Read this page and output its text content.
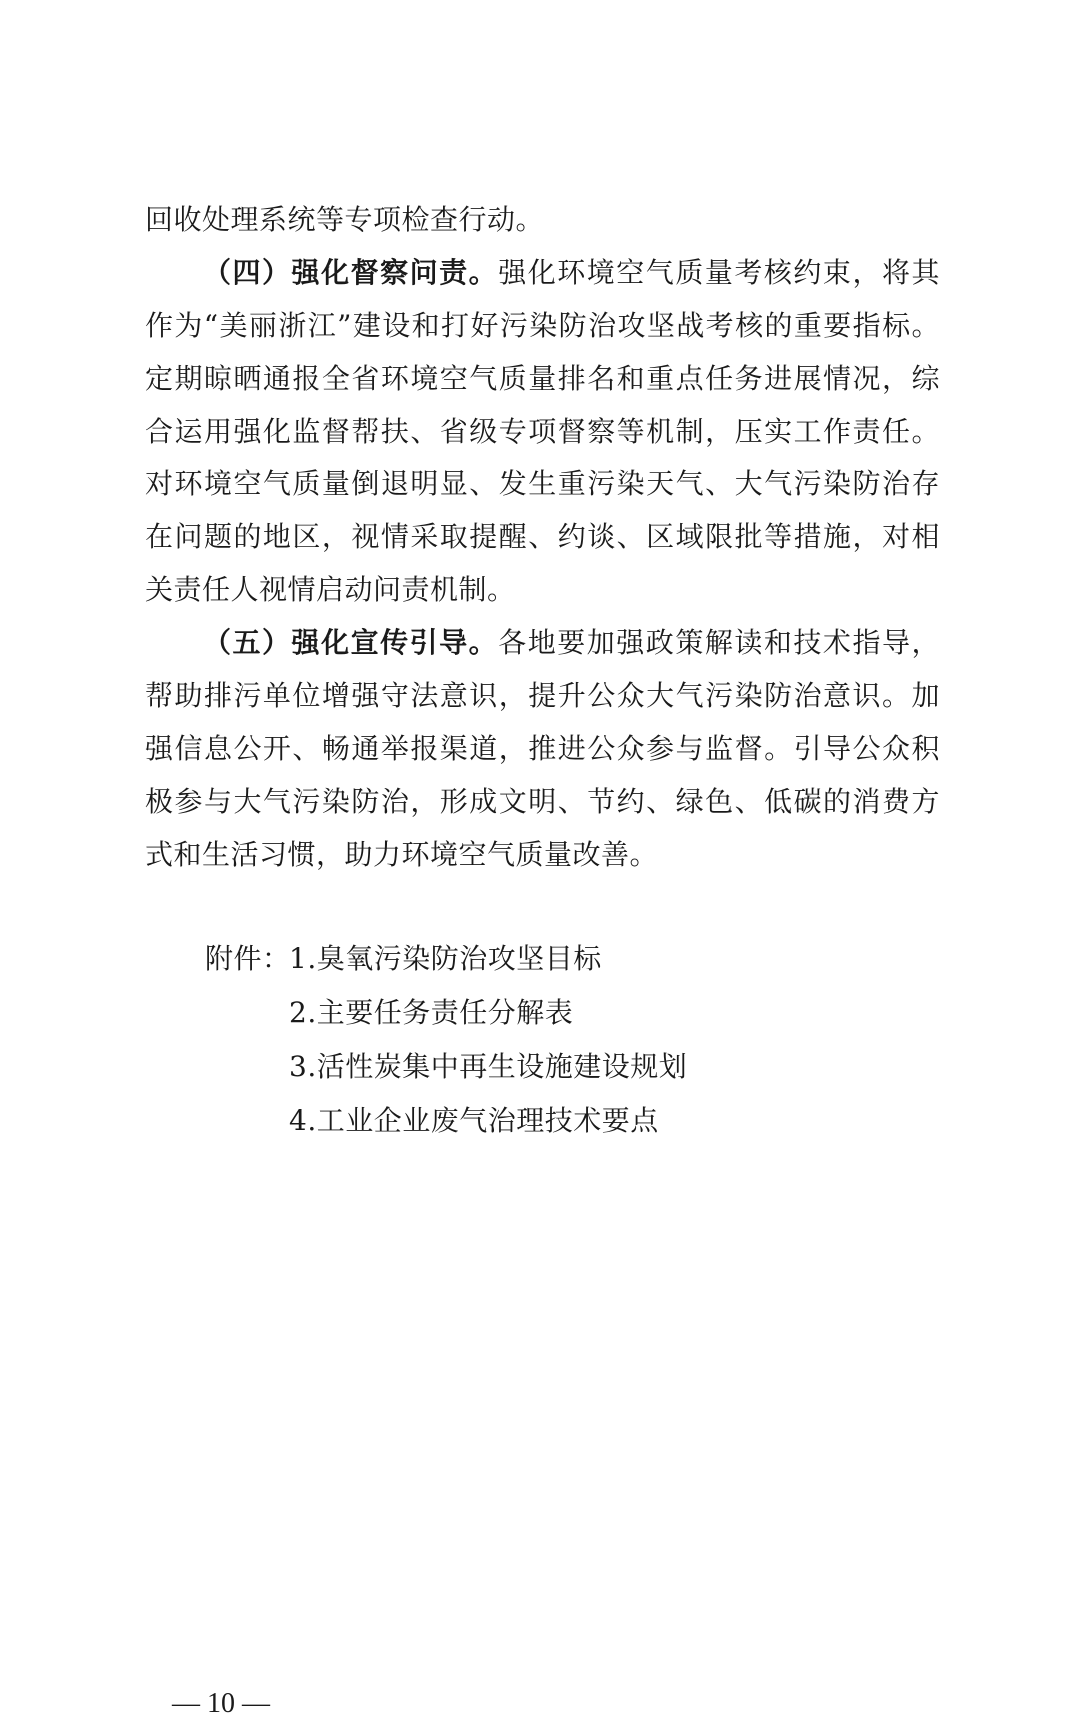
回收处理系统等专项检查行动。
（四）强化督察问责。强化环境空气质量考核约束，将其
作为“美丽浙江”建设和打好污染防治攻坚战考核的重要指标。
定期晾晒通报全省环境空气质量排名和重点任务进展情况，综
合运用强化监督帮扶、省级专项督察等机制，压实工作责任。
对环境空气质量倒退明显、发生重污染天气、大气污染防治存
在问题的地区，视情采取提醒、约谈、区域限批等措施，对相
关责任人视情启动问责机制。
（五）强化宣传引导。各地要加强政策解读和技术指导，
帮助排污单位增强守法意识，提升公众大气污染防治意识。加
强信息公开、畅通举报渠道，推进公众参与监督。引导公众积
极参与大气污染防治，形成文明、节约、绿色、低碳的消费方
式和生活习惯，助力环境空气质量改善。
附件：1.臭氧污染防治攻坚目标
2.主要任务责任分解表
3.活性炭集中再生设施建设规划
4.工业企业废气治理技术要点
— 10 —
